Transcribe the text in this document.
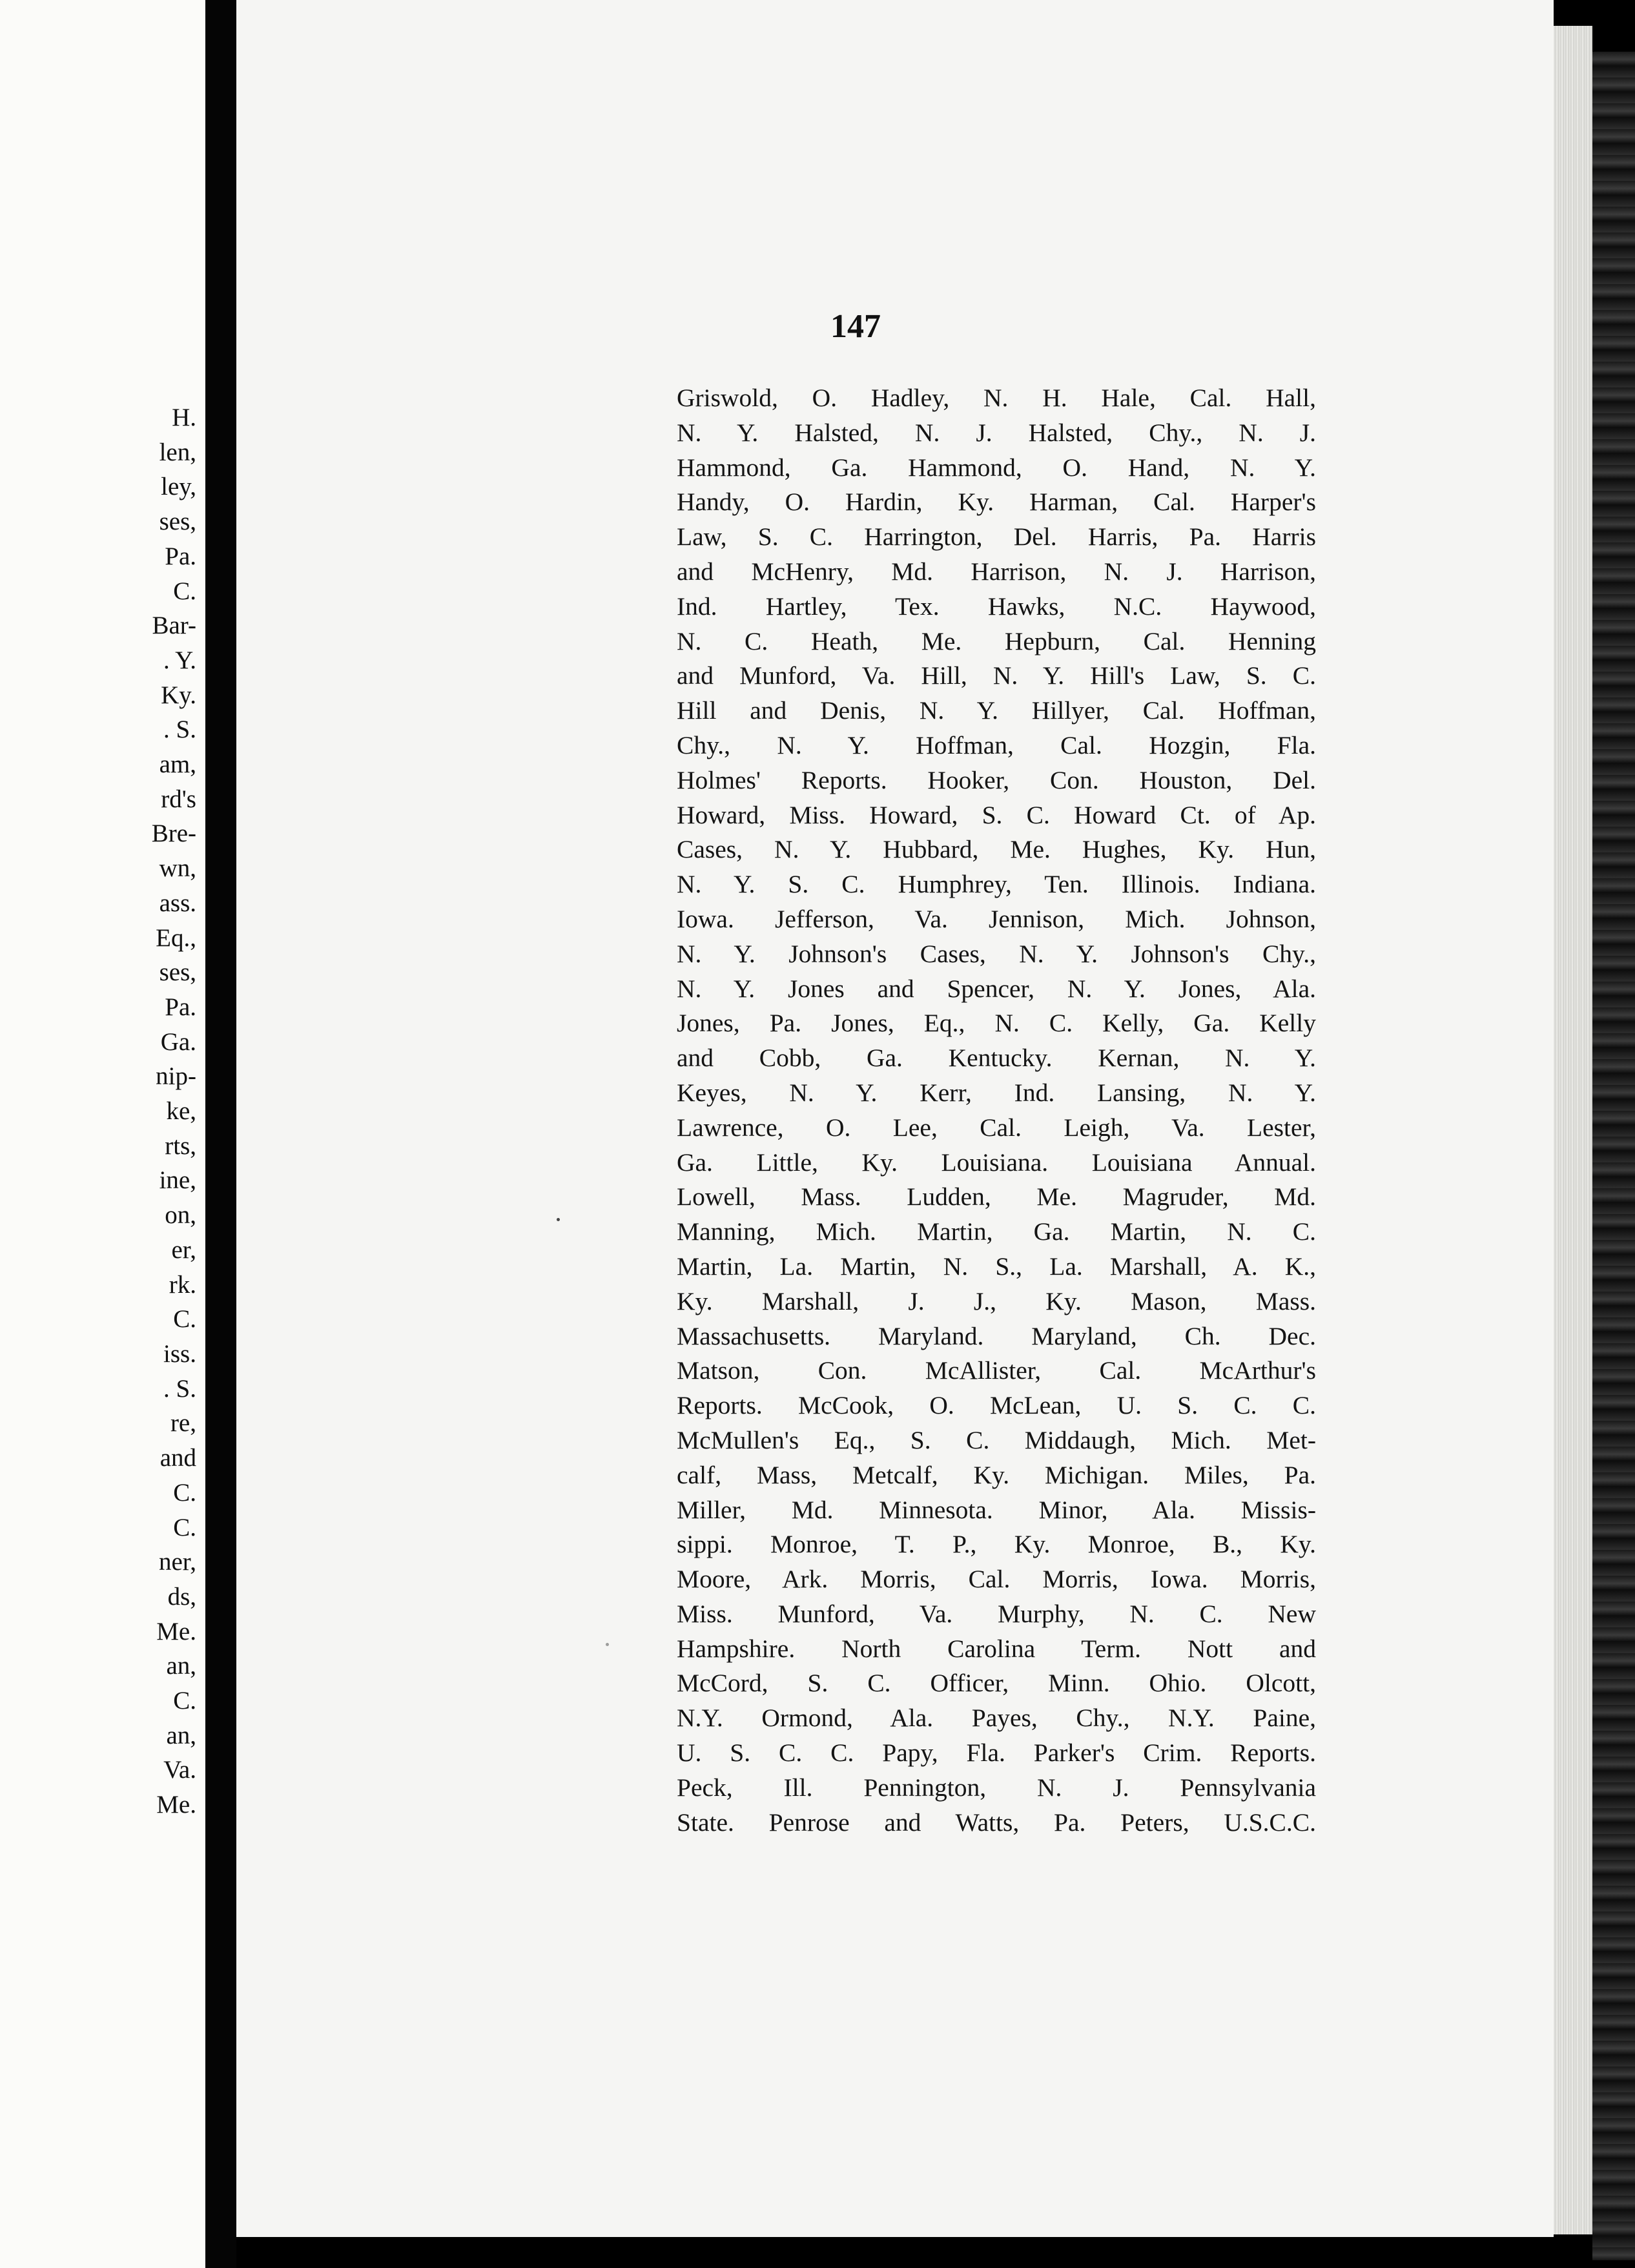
H.
len,
ley,
ses,
Pa.
C.
Bar-
. Y.
Ky.
. S.
am,
rd's
Bre-
wn,
ass.
Eq.,
ses,
Pa.
Ga.
nip-
ke,
rts,
ine,
on,
er,
rk.
C.
iss.
. S.
re,
and
C.
C.
ner,
ds,
Me.
an,
C.
an,
Va.
Me.
147
Griswold, O. Hadley, N. H. Hale, Cal. Hall,
N. Y. Halsted, N. J. Halsted, Chy., N. J.
Hammond, Ga. Hammond, O. Hand, N. Y.
Handy, O. Hardin, Ky. Harman, Cal. Harper's
Law, S. C. Harrington, Del. Harris, Pa. Harris
and McHenry, Md. Harrison, N. J. Harrison,
Ind. Hartley, Tex. Hawks, N.C. Haywood,
N. C. Heath, Me. Hepburn, Cal. Henning
and Munford, Va. Hill, N. Y. Hill's Law, S. C.
Hill and Denis, N. Y. Hillyer, Cal. Hoffman,
Chy., N. Y. Hoffman, Cal. Hozgin, Fla.
Holmes' Reports. Hooker, Con. Houston, Del.
Howard, Miss. Howard, S. C. Howard Ct. of Ap.
Cases, N. Y. Hubbard, Me. Hughes, Ky. Hun,
N. Y. S. C. Humphrey, Ten. Illinois. Indiana.
Iowa. Jefferson, Va. Jennison, Mich. Johnson,
N. Y. Johnson's Cases, N. Y. Johnson's Chy.,
N. Y. Jones and Spencer, N. Y. Jones, Ala.
Jones, Pa. Jones, Eq., N. C. Kelly, Ga. Kelly
and Cobb, Ga. Kentucky. Kernan, N. Y.
Keyes, N. Y. Kerr, Ind. Lansing, N. Y.
Lawrence, O. Lee, Cal. Leigh, Va. Lester,
Ga. Little, Ky. Louisiana. Louisiana Annual.
Lowell, Mass. Ludden, Me. Magruder, Md.
Manning, Mich. Martin, Ga. Martin, N. C.
Martin, La. Martin, N. S., La. Marshall, A. K.,
Ky. Marshall, J. J., Ky. Mason, Mass.
Massachusetts. Maryland. Maryland, Ch. Dec.
Matson, Con. McAllister, Cal. McArthur's
Reports. McCook, O. McLean, U. S. C. C.
McMullen's Eq., S. C. Middaugh, Mich. Met-
calf, Mass, Metcalf, Ky. Michigan. Miles, Pa.
Miller, Md. Minnesota. Minor, Ala. Missis-
sippi. Monroe, T. P., Ky. Monroe, B., Ky.
Moore, Ark. Morris, Cal. Morris, Iowa. Morris,
Miss. Munford, Va. Murphy, N. C. New
Hampshire. North Carolina Term. Nott and
McCord, S. C. Officer, Minn. Ohio. Olcott,
N.Y. Ormond, Ala. Payes, Chy., N.Y. Paine,
U. S. C. C. Papy, Fla. Parker's Crim. Reports.
Peck, Ill. Pennington, N. J. Pennsylvania
State. Penrose and Watts, Pa. Peters, U.S.C.C.
